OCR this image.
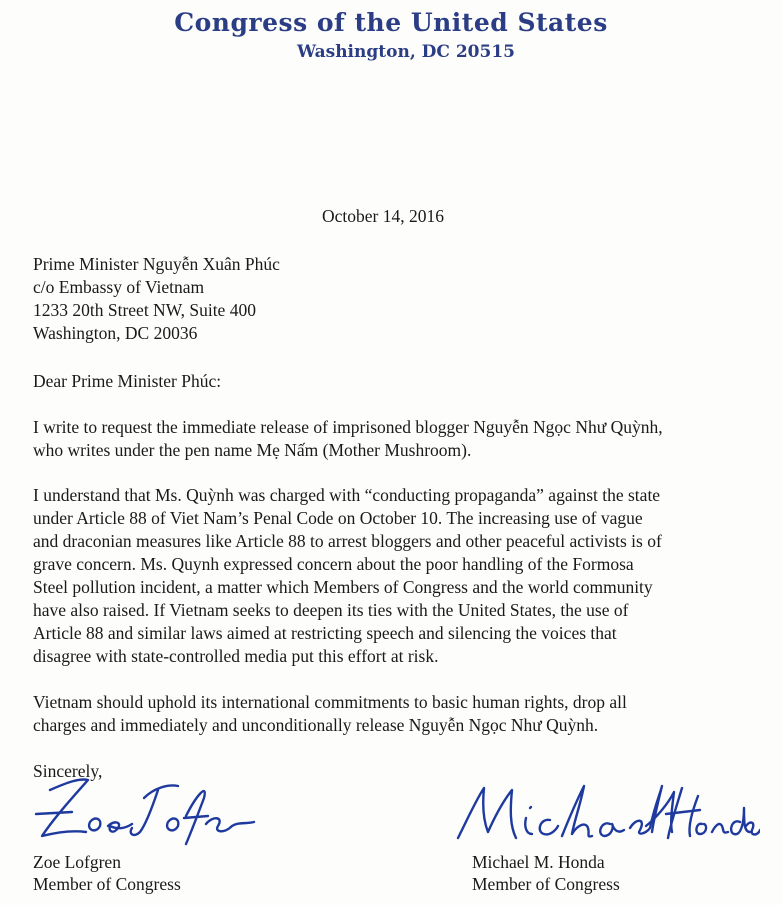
Congress of the United States
Washington, DC 20515
October 14, 2016
Prime Minister Nguyễn Xuân Phúc
c/o Embassy of Vietnam
1233 20th Street NW, Suite 400
Washington, DC 20036
Dear Prime Minister Phúc:

I write to request the immediate release of imprisoned blogger Nguyễn Ngọc Như Quỳnh,
who writes under the pen name Mẹ Nấm (Mother Mushroom).

I understand that Ms. Quỳnh was charged with “conducting propaganda” against the state
under Article 88 of Viet Nam’s Penal Code on October 10. The increasing use of vague
and draconian measures like Article 88 to arrest bloggers and other peaceful activists is of
grave concern. Ms. Quynh expressed concern about the poor handling of the Formosa
Steel pollution incident, a matter which Members of Congress and the world community
have also raised. If Vietnam seeks to deepen its ties with the United States, the use of
Article 88 and similar laws aimed at restricting speech and silencing the voices that
disagree with state-controlled media put this effort at risk.

Vietnam should uphold its international commitments to basic human rights, drop all
charges and immediately and unconditionally release Nguyễn Ngọc Như Quỳnh.

Sincerely,
Zoe Lofgren
Member of Congress
Michael M. Honda
Member of Congress
